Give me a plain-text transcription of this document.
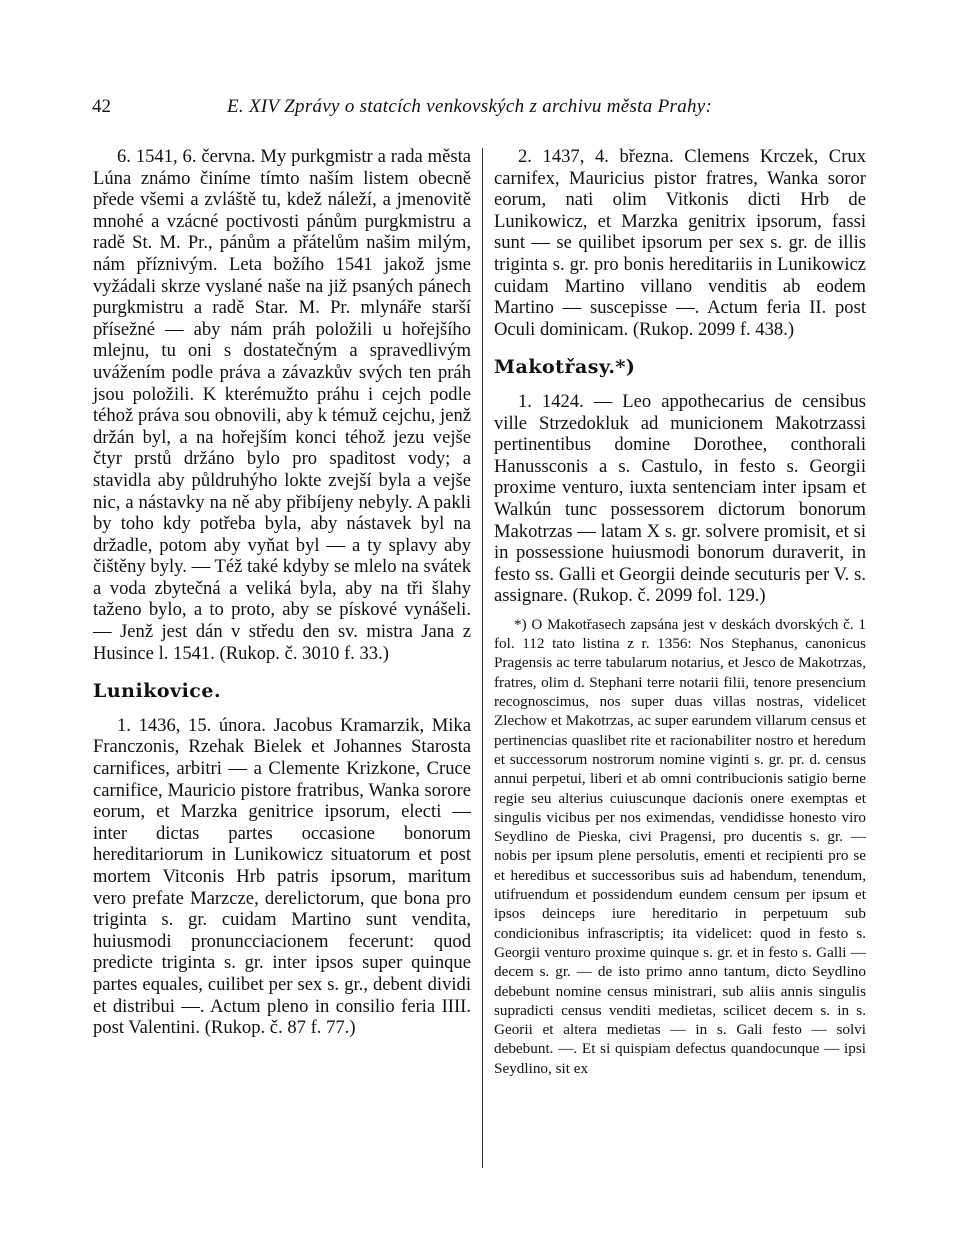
42	E. XIV Zprávy o statcích venkovských z archivu města Prahy:

6. 1541, 6. června. My purkgmistr a rada města Lúna známo činíme tímto naším listem obecně přede všemi a zvláště tu, kdež náleží, a jmenovitě mnohé a vzácné poctivosti pánům purgkmistru a radě St. M. Pr., pánům a přátelům našim milým, nám příznivým. Leta božího 1541 jakož jsme vyžádali skrze vyslané naše na již psaných pánech purgkmistru a radě Star. M. Pr. mlynáře starší přísežné — aby nám práh položili u hořejšího mlejnu, tu oni s dostatečným a spravedlivým uvážením podle práva a závazkův svých ten práh jsou položili. K kterémužto práhu i cejch podle téhož práva sou obnovili, aby k témuž cejchu, jenž držán byl, a na hořejším konci téhož jezu vejše čtyr prstů držáno bylo pro spaditost vody; a stavidla aby půldruhýho lokte zvejší byla a vejše nic, a nástavky na ně aby přibíjeny nebyly. A pakli by toho kdy potřeba byla, aby nástavek byl na držadle, potom aby vyňat byl — a ty splavy aby čištěny byly. — Též také kdyby se mlelo na svátek a voda zbytečná a veliká byla, aby na tři šlahy taženo bylo, a to proto, aby se pískové vynášeli. — Jenž jest dán v středu den sv. mistra Jana z Husince l. 1541. (Rukop. č. 3010 f. 33.)

Lunikovice.

1. 1436, 15. února. Jacobus Kramarzik, Mika Franczonis, Rzehak Bielek et Johannes Starosta carnifices, arbitri — a Clemente Krizkone, Cruce carnifice, Mauricio pistore fratribus, Wanka sorore eorum, et Marzka genitrice ipsorum, electi — inter dictas partes occasione bonorum hereditariorum in Lunikowicz situatorum et post mortem Vitconis Hrb patris ipsorum, maritum vero prefate Marzcze, derelictorum, que bona pro triginta s. gr. cuidam Martino sunt vendita, huiusmodi pronuncciacionem fecerunt: quod predicte triginta s. gr. inter ipsos super quinque partes equales, cuilibet per sex s. gr., debent dividi et distribui —. Actum pleno in consilio feria IIII. post Valentini. (Rukop. č. 87 f. 77.)

2. 1437, 4. března. Clemens Krczek, Crux carnifex, Mauricius pistor fratres, Wanka soror eorum, nati olim Vitkonis dicti Hrb de Lunikowicz, et Marzka genitrix ipsorum, fassi sunt — se quilibet ipsorum per sex s. gr. de illis triginta s. gr. pro bonis hereditariis in Lunikowicz cuidam Martino villano venditis ab eodem Martino — suscepisse —. Actum feria II. post Oculi dominicam. (Rukop. 2099 f. 438.)

Makotřasy.*)

1. 1424. — Leo appothecarius de censibus ville Strzedokluk ad municionem Makotrzassi pertinentibus domine Dorothee, conthorali Hanussconis a s. Castulo, in festo s. Georgii proxime venturo, iuxta sentenciam inter ipsam et Walkún tunc possessorem dictorum bonorum Makotrzas — latam X s. gr. solvere promisit, et si in possessione huiusmodi bonorum duraverit, in festo ss. Galli et Georgii deinde secuturis per V. s. assignare. (Rukop. č. 2099 fol. 129.)

*) O Makotřasech zapsána jest v deskách dvorských č. 1 fol. 112 tato listina z r. 1356: Nos Stephanus, canonicus Pragensis ac terre tabularum notarius, et Jesco de Makotrzas, fratres, olim d. Stephani terre notarii filii, tenore presencium recognoscimus, nos super duas villas nostras, videlicet Zlechow et Makotrzas, ac super earundem villarum census et pertinencias quaslibet rite et racionabiliter nostro et heredum et successorum nostrorum nomine viginti s. gr. pr. d. census annui perpetui, liberi et ab omni contribucionis satigio berne regie seu alterius cuiuscunque dacionis onere exemptas et singulis vicibus per nos eximendas, vendidisse honesto viro Seydlino de Pieska, civi Pragensi, pro ducentis s. gr. — nobis per ipsum plene persolutis, ementi et recipienti pro se et heredibus et successoribus suis ad habendum, tenendum, utifruendum et possidendum eundem censum per ipsum et ipsos deinceps iure hereditario in perpetuum sub condicionibus infrascriptis; ita videlicet: quod in festo s. Georgii venturo proxime quinque s. gr. et in festo s. Galli — decem s. gr. — de isto primo anno tantum, dicto Seydlino debebunt nomine census ministrari, sub aliis annis singulis supradicti census venditi medietas, scilicet decem s. in s. Georii et altera medietas — in s. Gali festo — solvi debebunt. —. Et si quispiam defectus quandocunque — ipsi Seydlino, sit ex
